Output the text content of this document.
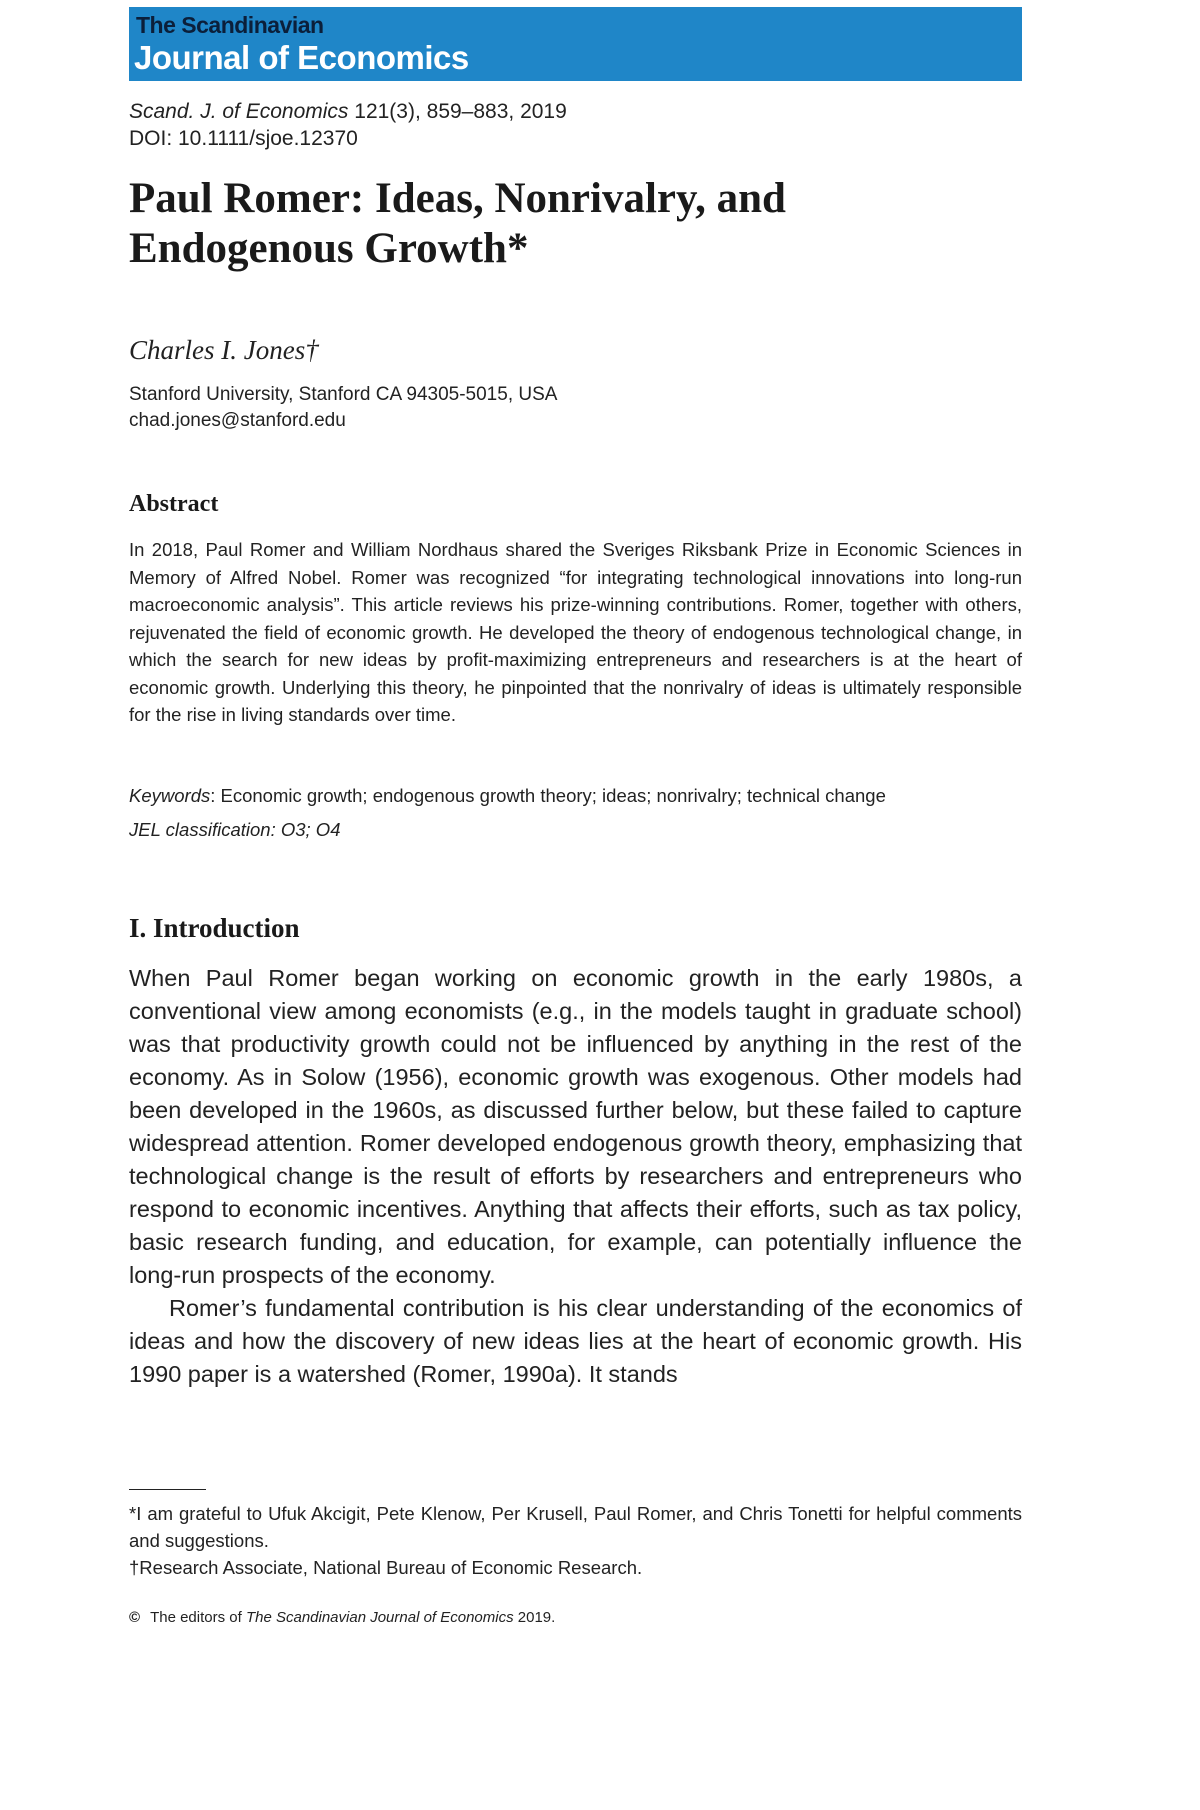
The Scandinavian
Journal of Economics
Scand. J. of Economics 121(3), 859–883, 2019
DOI: 10.1111/sjoe.12370
Paul Romer: Ideas, Nonrivalry, and Endogenous Growth*
Charles I. Jones†
Stanford University, Stanford CA 94305-5015, USA
chad.jones@stanford.edu
Abstract
In 2018, Paul Romer and William Nordhaus shared the Sveriges Riksbank Prize in Economic Sciences in Memory of Alfred Nobel. Romer was recognized “for integrating technological innovations into long-run macroeconomic analysis”. This article reviews his prize-winning contributions. Romer, together with others, rejuvenated the field of economic growth. He developed the theory of endogenous technological change, in which the search for new ideas by profit-maximizing entrepreneurs and researchers is at the heart of economic growth. Underlying this theory, he pinpointed that the nonrivalry of ideas is ultimately responsible for the rise in living standards over time.
Keywords: Economic growth; endogenous growth theory; ideas; nonrivalry; technical change
JEL classification: O3; O4
I. Introduction

When Paul Romer began working on economic growth in the early 1980s, a conventional view among economists (e.g., in the models taught in graduate school) was that productivity growth could not be influenced by anything in the rest of the economy. As in Solow (1956), economic growth was exogenous. Other models had been developed in the 1960s, as discussed further below, but these failed to capture widespread attention. Romer developed endogenous growth theory, emphasizing that technological change is the result of efforts by researchers and entrepreneurs who respond to economic incentives. Anything that affects their efforts, such as tax policy, basic research funding, and education, for example, can potentially influence the long-run prospects of the economy.

Romer’s fundamental contribution is his clear understanding of the economics of ideas and how the discovery of new ideas lies at the heart of economic growth. His 1990 paper is a watershed (Romer, 1990a). It stands

*I am grateful to Ufuk Akcigit, Pete Klenow, Per Krusell, Paul Romer, and Chris Tonetti for helpful comments and suggestions.

†Research Associate, National Bureau of Economic Research.

© The editors of The Scandinavian Journal of Economics 2019.
